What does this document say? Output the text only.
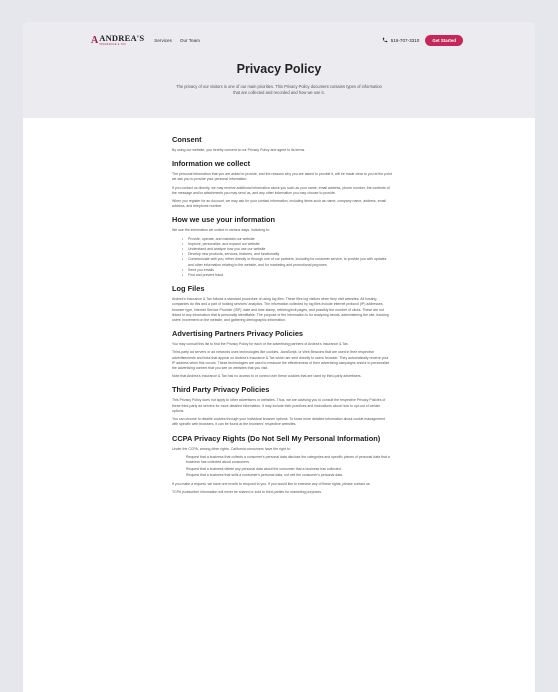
A ANDREA'S
INSURANCE & TAX
Services Our Team	516-707-3310	Get Started
Privacy Policy
The privacy of our visitors is one of our main priorities. This Privacy Policy document contains types of information that are collected and recorded and how we use it.
Consent

By using our website, you hereby consent to our Privacy Policy and agree to its terms.

Information we collect

The personal information that you are asked to provide, and the reasons why you are asked to provide it, will be made clear to you at the point we ask you to provide your personal information.

If you contact us directly, we may receive additional information about you such as your name, email address, phone number, the contents of the message and/or attachments you may send us, and any other information you may choose to provide.

When you register for an Account, we may ask for your contact information, including items such as name, company name, address, email address, and telephone number.

How we use your information

We use the information we collect in various ways, including to:

• Provide, operate, and maintain our website
• Improve, personalize, and expand our website
• Understand and analyze how you use our website
• Develop new products, services, features, and functionality
• Communicate with you, either directly or through one of our partners, including for customer service, to provide you with updates and other information relating to the website, and for marketing and promotional purposes
• Send you emails
• Find and prevent fraud
Log Files

Andrea's Insurance & Tax follows a standard procedure of using log files. These files log visitors when they visit websites. All hosting companies do this and a part of hosting services' analytics. The information collected by log files include internet protocol (IP) addresses, browser type, Internet Service Provider (ISP), date and time stamp, referring/exit pages, and possibly the number of clicks. These are not linked to any information that is personally identifiable. The purpose of the information is for analyzing trends, administering the site, tracking users' movement on the website, and gathering demographic information.

Advertising Partners Privacy Policies

You may consult this list to find the Privacy Policy for each of the advertising partners of Andrea's Insurance & Tax.

Third-party ad servers or ad networks uses technologies like cookies, JavaScript, or Web Beacons that are used in their respective advertisements and links that appear on Andrea's Insurance & Tax which are sent directly to users' browser. They automatically receive your IP address when this occurs. These technologies are used to measure the effectiveness of their advertising campaigns and/or to personalize the advertising content that you see on websites that you visit.

Note that Andrea's Insurance & Tax has no access to or control over these cookies that are used by third-party advertisers.

Third Party Privacy Policies

This Privacy Policy does not apply to other advertisers or websites. Thus, we are advising you to consult the respective Privacy Policies of these third-party ad servers for more detailed information. It may include their practices and instructions about how to opt-out of certain options.

You can choose to disable cookies through your individual browser options. To know more detailed information about cookie management with specific web browsers, it can be found at the browsers' respective websites.

CCPA Privacy Rights (Do Not Sell My Personal Information)

Under the CCPA, among other rights, California consumers have the right to:

Request that a business that collects a consumer's personal data disclose the categories and specific pieces of personal data that a business has collected about consumers.
Request that a business delete any personal data about the consumer that a business has collected.
Request that a business that sells a consumer's personal data, not sell the consumer's personal data.

If you make a request, we have one month to respond to you. If you would like to exercise any of these rights, please contact us.

TCPA (subscriber information will never be shared or sold to third parties for marketing purposes.
